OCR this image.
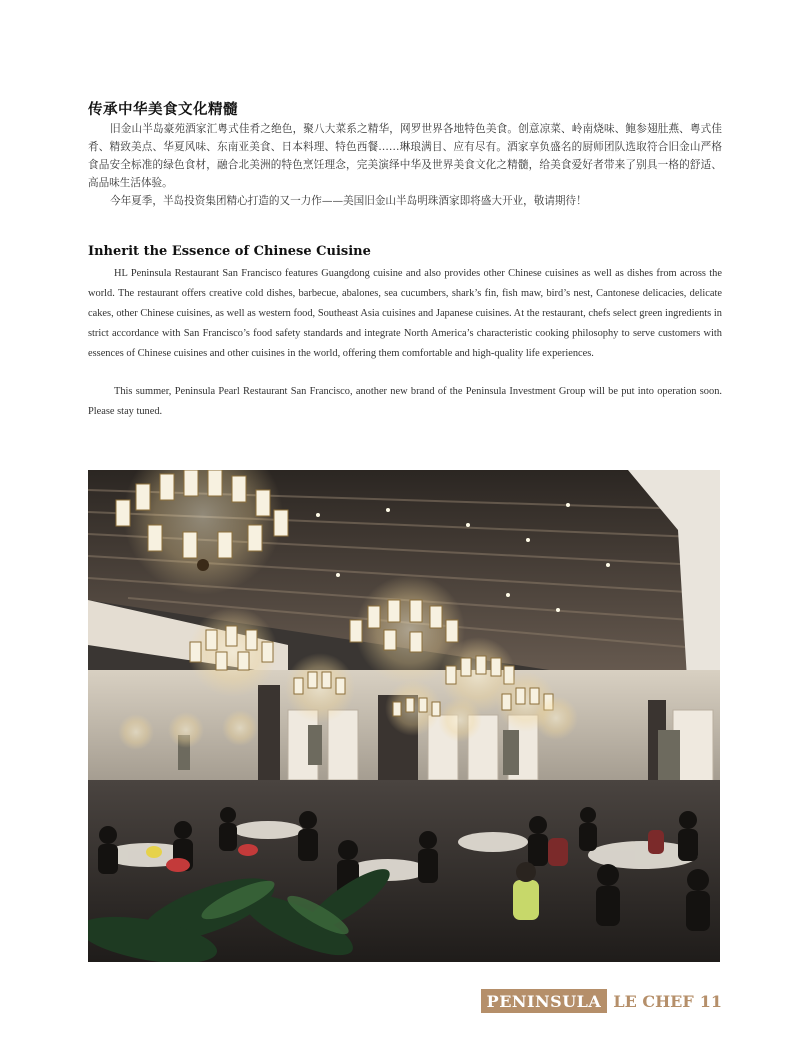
传承中华美食文化精髓

旧金山半岛豪苑酒家汇粤式佳肴之绝色，聚八大菜系之精华，网罗世界各地特色美食。创意凉菜、岭南烧味、鲍参翅肚燕、粤式佳肴、精致美点、华夏风味、东南亚美食、日本料理、特色西餐……琳琅满目、应有尽有。酒家享负盛名的厨师团队选取符合旧金山严格食品安全标准的绿色食材，融合北美洲的特色烹饪理念，完美演绎中华及世界美食文化之精髓，给美食爱好者带来了别具一格的舒适、高品味生活体验。

今年夏季，半岛投资集团精心打造的又一力作——美国旧金山半岛明珠酒家即将盛大开业，敬请期待！

Inherit the Essence of Chinese Cuisine

HL Peninsula Restaurant San Francisco features Guangdong cuisine and also provides other Chinese cuisines as well as dishes from across the world. The restaurant offers creative cold dishes, barbecue, abalones, sea cucumbers, shark’s fin, fish maw, bird’s nest, Cantonese delicacies, delicate cakes, other Chinese cuisines, as well as western food, Southeast Asia cuisines and Japanese cuisines. At the restaurant, chefs select green ingredients in strict accordance with San Francisco’s food safety standards and integrate North America’s characteristic cooking philosophy to serve customers with essences of Chinese cuisines and other cuisines in the world, offering them comfortable and high-quality life experiences.

This summer, Peninsula Pearl Restaurant San Francisco, another new brand of the Peninsula Investment Group will be put into operation soon. Please stay tuned.

PENINSULA LE CHEF 11
